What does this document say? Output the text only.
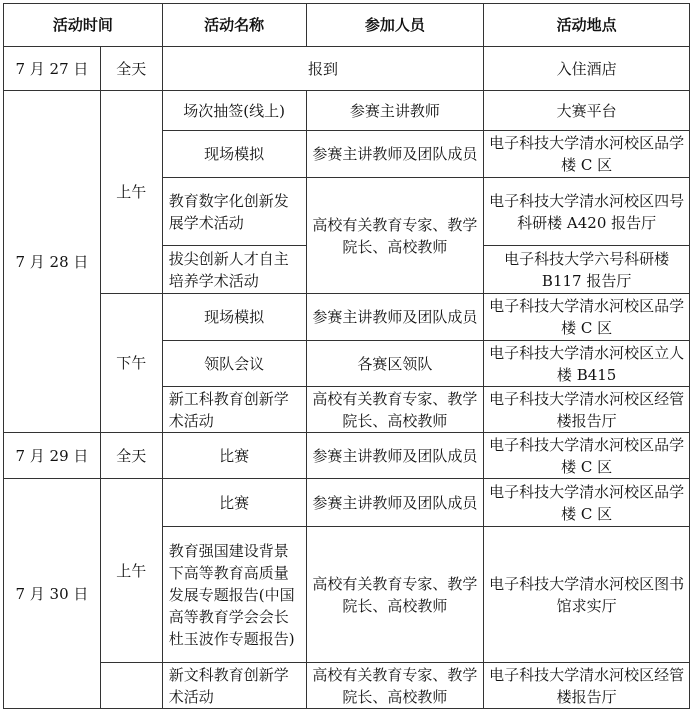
活动时间		活动名称	参加人员	活动地点
7 月 27 日	全天	报到		入住酒店
7 月 28 日	上午	场次抽签(线上)	参赛主讲教师	大赛平台
		现场模拟	参赛主讲教师及团队成员	电子科技大学清水河校区品学楼 C 区
		教育数字化创新发展学术活动	高校有关教育专家、教学院长、高校教师	电子科技大学清水河校区四号科研楼 A420 报告厅
		拔尖创新人才自主培养学术活动		电子科技大学六号科研楼 B117 报告厅
	下午	现场模拟	参赛主讲教师及团队成员	电子科技大学清水河校区品学楼 C 区
		领队会议	各赛区领队	电子科技大学清水河校区立人楼 B415
		新工科教育创新学术活动	高校有关教育专家、教学院长、高校教师	电子科技大学清水河校区经管楼报告厅
7 月 29 日	全天	比赛	参赛主讲教师及团队成员	电子科技大学清水河校区品学楼 C 区
7 月 30 日	上午	比赛	参赛主讲教师及团队成员	电子科技大学清水河校区品学楼 C 区
		教育强国建设背景下高等教育高质量发展专题报告(中国高等教育学会会长杜玉波作专题报告)	高校有关教育专家、教学院长、高校教师	电子科技大学清水河校区图书馆求实厅
		新文科教育创新学术活动	高校有关教育专家、教学院长、高校教师	电子科技大学清水河校区经管楼报告厅
